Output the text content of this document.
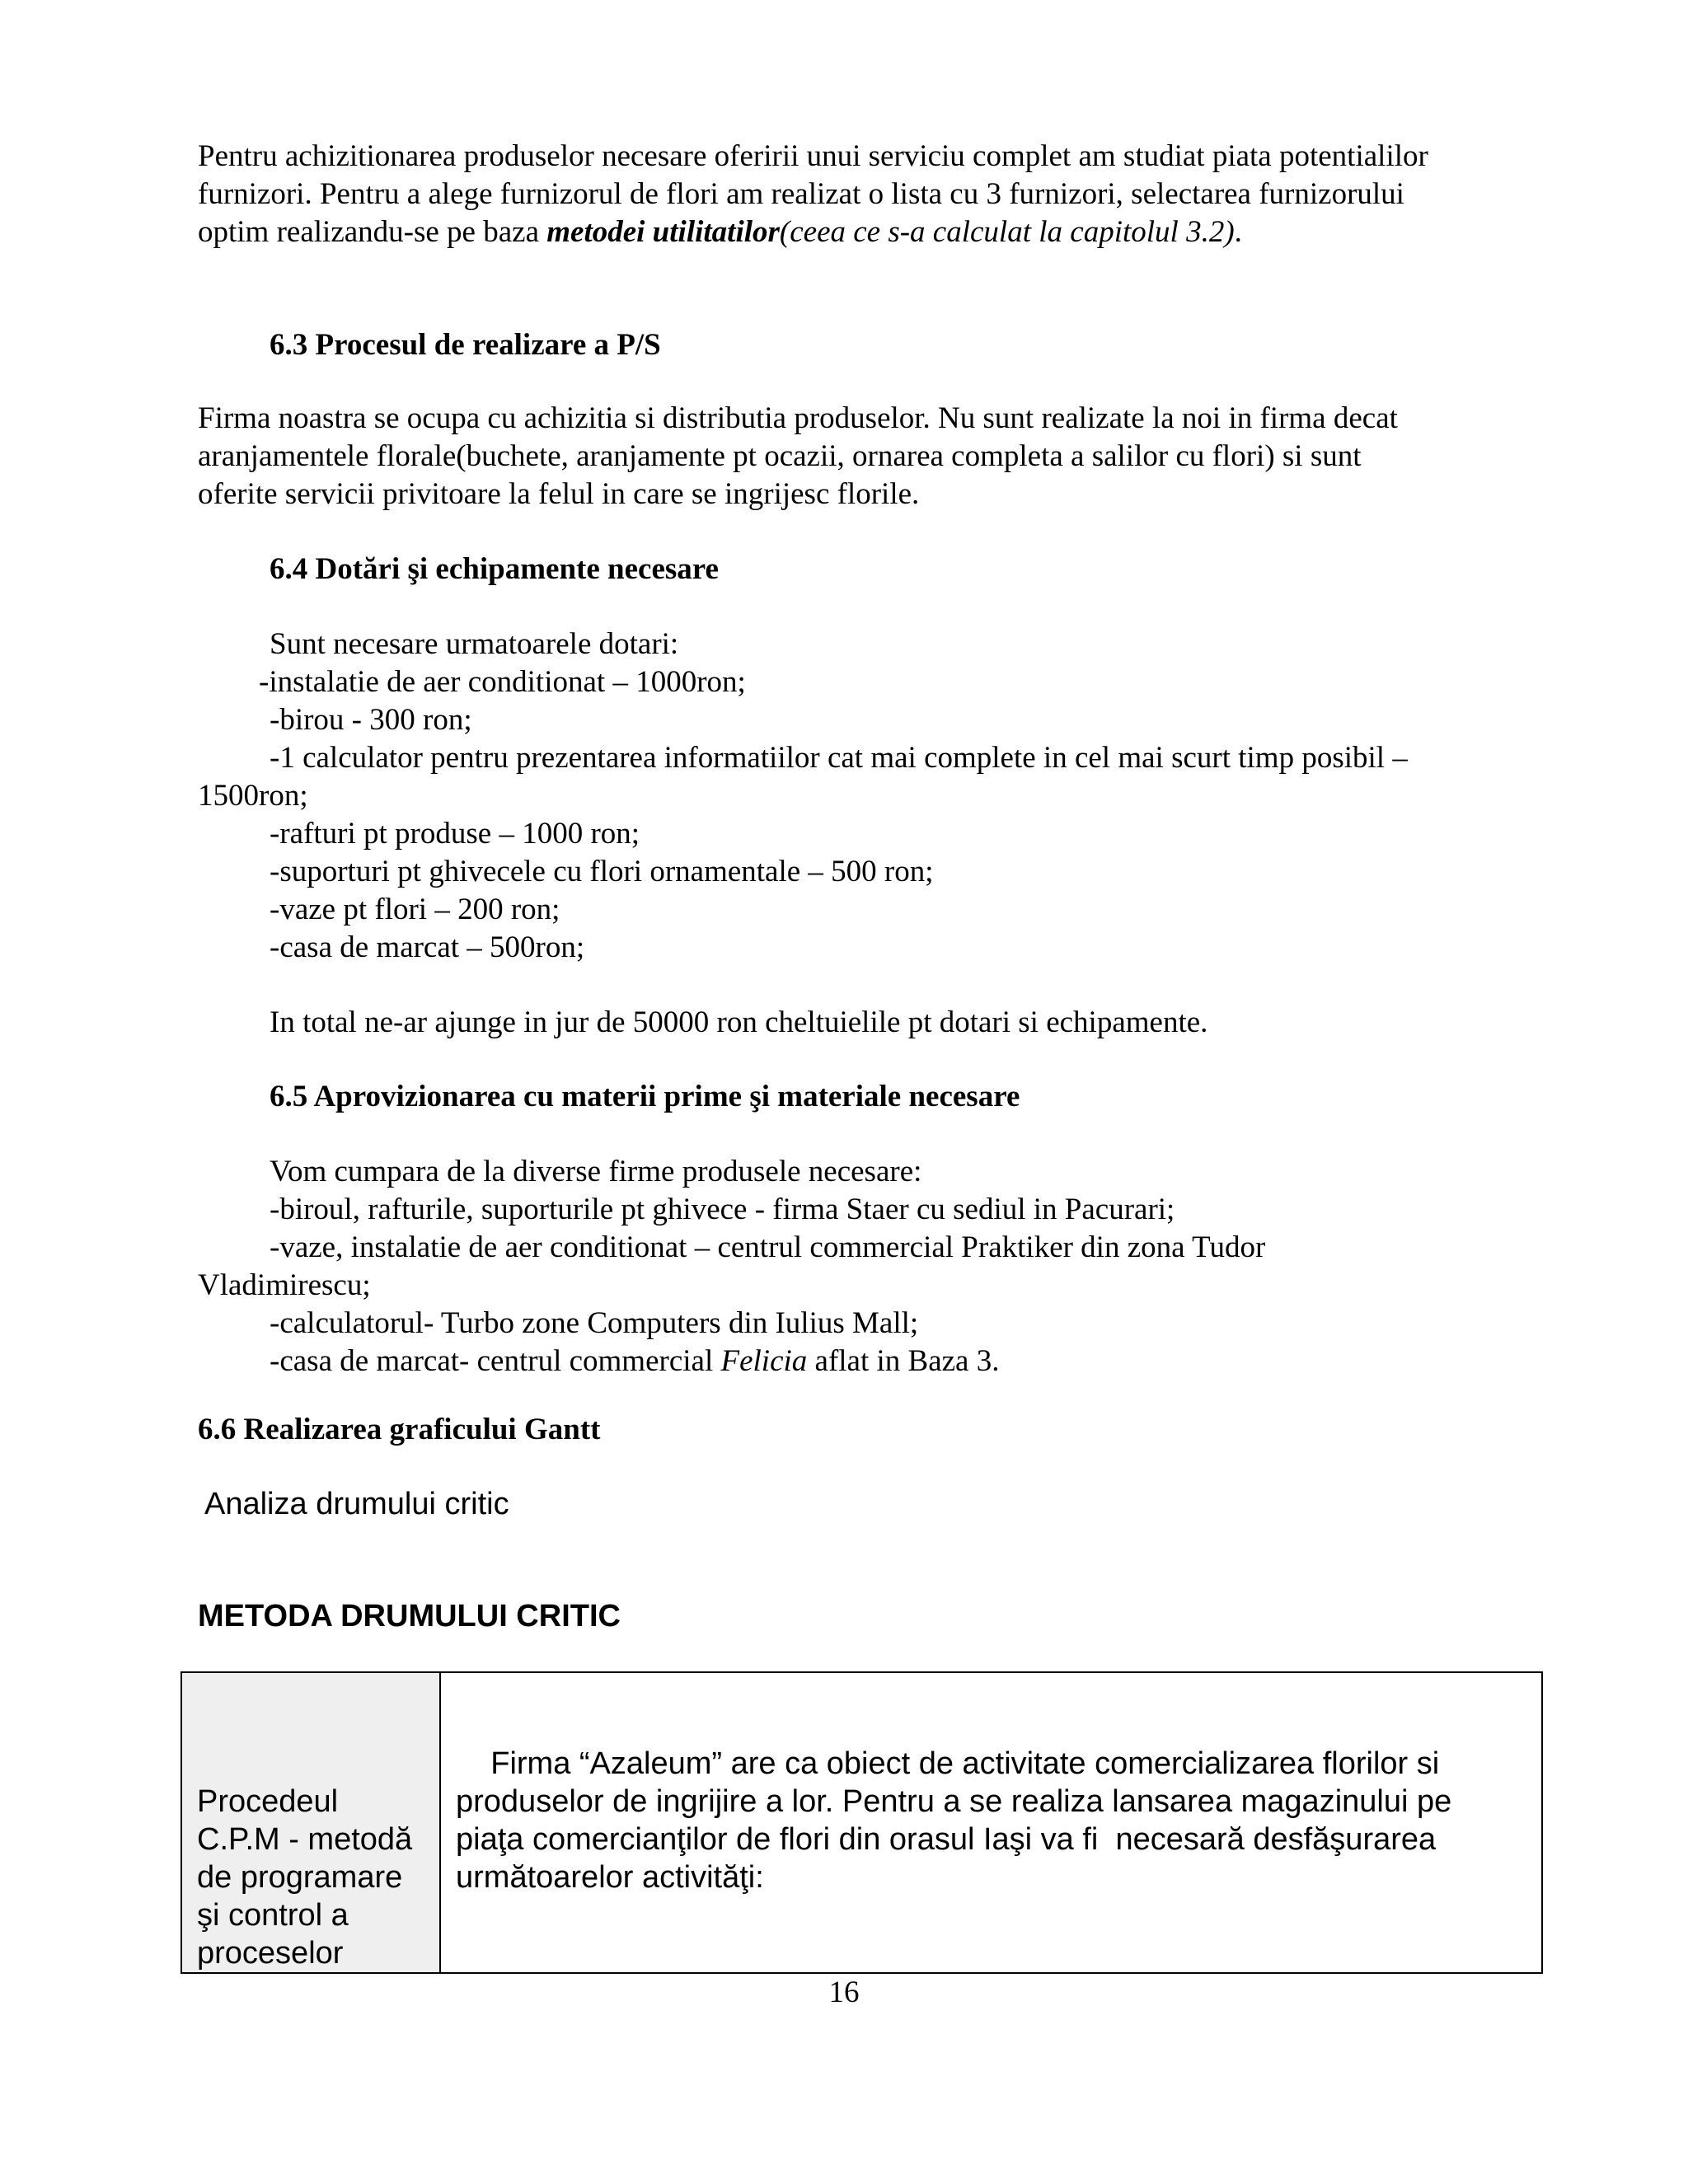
Pentru achizitionarea produselor necesare oferirii unui serviciu complet am studiat piata potentialilor
furnizori. Pentru a alege furnizorul de flori am realizat o lista cu 3 furnizori, selectarea furnizorului
optim realizandu-se pe baza metodei utilitatilor(ceea ce s-a calculat la capitolul 3.2).
6.3 Procesul de realizare a P/S
Firma noastra se ocupa cu achizitia si distributia produselor. Nu sunt realizate la noi in firma decat
aranjamentele florale(buchete, aranjamente pt ocazii, ornarea completa a salilor cu flori) si sunt
oferite servicii privitoare la felul in care se ingrijesc florile.
6.4 Dotări şi echipamente necesare
Sunt necesare urmatoarele dotari:
-instalatie de aer conditionat – 1000ron;
-birou - 300 ron;
-1 calculator pentru prezentarea informatiilor cat mai complete in cel mai scurt timp posibil –
1500ron;
-rafturi pt produse – 1000 ron;
-suporturi pt ghivecele cu flori ornamentale – 500 ron;
-vaze pt flori – 200 ron;
-casa de marcat – 500ron;
In total ne-ar ajunge in jur de 50000 ron cheltuielile pt dotari si echipamente.
6.5 Aprovizionarea cu materii prime şi materiale necesare
Vom cumpara de la diverse firme produsele necesare:
-biroul, rafturile, suporturile pt ghivece - firma Staer cu sediul in Pacurari;
-vaze, instalatie de aer conditionat – centrul commercial Praktiker din zona Tudor
Vladimirescu;
-calculatorul- Turbo zone Computers din Iulius Mall;
-casa de marcat- centrul commercial Felicia aflat in Baza 3.
6.6 Realizarea graficului Gantt
Analiza drumului critic
METODA DRUMULUI CRITIC
Procedeul
C.P.M - metodă
de programare
şi control a
proceselor

Firma “Azaleum” are ca obiect de activitate comercializarea florilor si
produselor de ingrijire a lor. Pentru a se realiza lansarea magazinului pe
piaţa comercianţilor de flori din orasul Iaşi va fi  necesară desfăşurarea
următoarelor activităţi:
16
